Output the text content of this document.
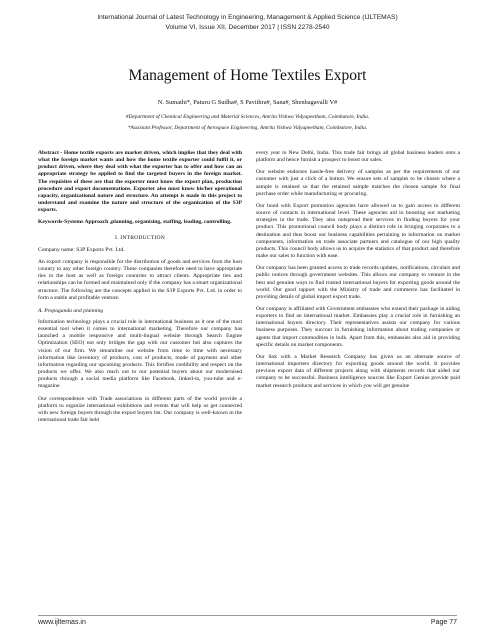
International Journal of Latest Technology in Engineering, Management & Applied Science (IJLTEMAS)
Volume VI, Issue XII, December 2017 | ISSN 2278-2540
Management of Home Textiles Export
N. Sumathi*, Paturu G Sudha#, S Pavithra#, Sana#, Shenbagavalli V#
#Department of Chemical Engineering and Material Sciences, Amrita Vishwa Vidyapeetham, Coimbatore, India.
*Assistant Professor, Department of Aerospace Engineering, Amrita Vishwa Vidyapeetham, Coimbatore, India.

Abstract - Home textile exports are market driven, which implies that they deal with what the foreign market wants and how the home textile exporter could fulfil it, or product driven, where they deal with what the exporter has to offer and how can an appropriate strategy be applied to find the targeted buyers in the foreign market. The requisites of these are that the exporter must know the export plan, production procedure and export documentations. Exporter also must know his/her operational capacity, organizational nature and structure. An attempt is made in this project to understand and examine the nature and structure of the organization of the S3P exports.

Keywords-Systems Approach ,planning, organising, staffing, leading, controlling.

I. INTRODUCTION

Company name: S3P Exports Pvt. Ltd.

An export company is responsible for the distribution of goods and services from the host country to any other foreign country. These companies therefore need to have appropriate ties in the host as well as foreign countries to attract clients. Appropriate ties and relationships can be formed and maintained only if the company has a smart organizational structure. The following are the concepts applied in the S3P Exports Pvt. Ltd. in order to form a stable and profitable venture.

A. Propaganda and planning

Information technology plays a crucial role in international business as it one of the most essential tool when it comes to international marketing. Therefore our company has launched a mobile responsive and multi-lingual website through Search Engine Optimization (SEO) not only bridges the gap with our customer but also captures the vision of our firm. We streamline our website from time to time with necessary information like inventory of products, cost of products, mode of payment and other information regarding our upcoming products. This fortifies credibility and respect on the products we offer. We also reach out to our potential buyers about our modernised products through a social media platform like Facebook, linked-in, you-tube and e-magazine.

Our correspondence with Trade associations in different parts of the world provide a platform to organize international exhibitions and events that will help us get connected with new foreign buyers through the export buyers list. Our company is well-known in the international trade fair held

every year in New Delhi, India. This trade fair brings all global business leaders onto a platform and hence furnish a prospect to boost our sales.

Our website endorses hassle-free delivery of samples as per the requirements of our customer with just a click of a button. We ensure sets of samples to be chosen where a sample is retained so that the retained sample matches the chosen sample for final purchase order while manufacturing or procuring.

Our bond with Export promotion agencies have allowed us to gain access to different source of contacts in international level. These agencies aid in boosting our marketing strategies in the trade. They also outspread their services in finding buyers for your product. This promotional council body plays a distinct role in bringing corporates to a destination and thus boost our business capabilities pertaining to information on market components, information on trade associate partners and catalogue of our high quality products. This council body allows us to acquire the statistics of that product and therefore make our sales to function with ease.

Our company has been granted access to trade records updates, notifications, circulars and public notices through government websites. This allows our company to venture in the best and genuine ways to find trusted international buyers for exporting goods around the world. Our good rapport with the Ministry of trade and commerce has facilitated in providing details of global import export trade.

Our company is affiliated with Government embassies who extend their package in aiding exporters to find an international market. Embassies play a crucial role in furnishing an international buyers directory. Their representatives assists our company for various business purposes. They succour in furnishing information about trading companies or agents that import commodities in bulk. Apart from this, embassies also aid in providing specific details on market components.

Our link with a Market Research Company has given us an alternate source of international importers directory for exporting goods around the world. It provides previous export data of different projects along with shipments records that aided our company to be successful. Business intelligence sources like Export Genius provide paid market research products and services in which you will get genuine

www.ijltemas.in	Page 77
